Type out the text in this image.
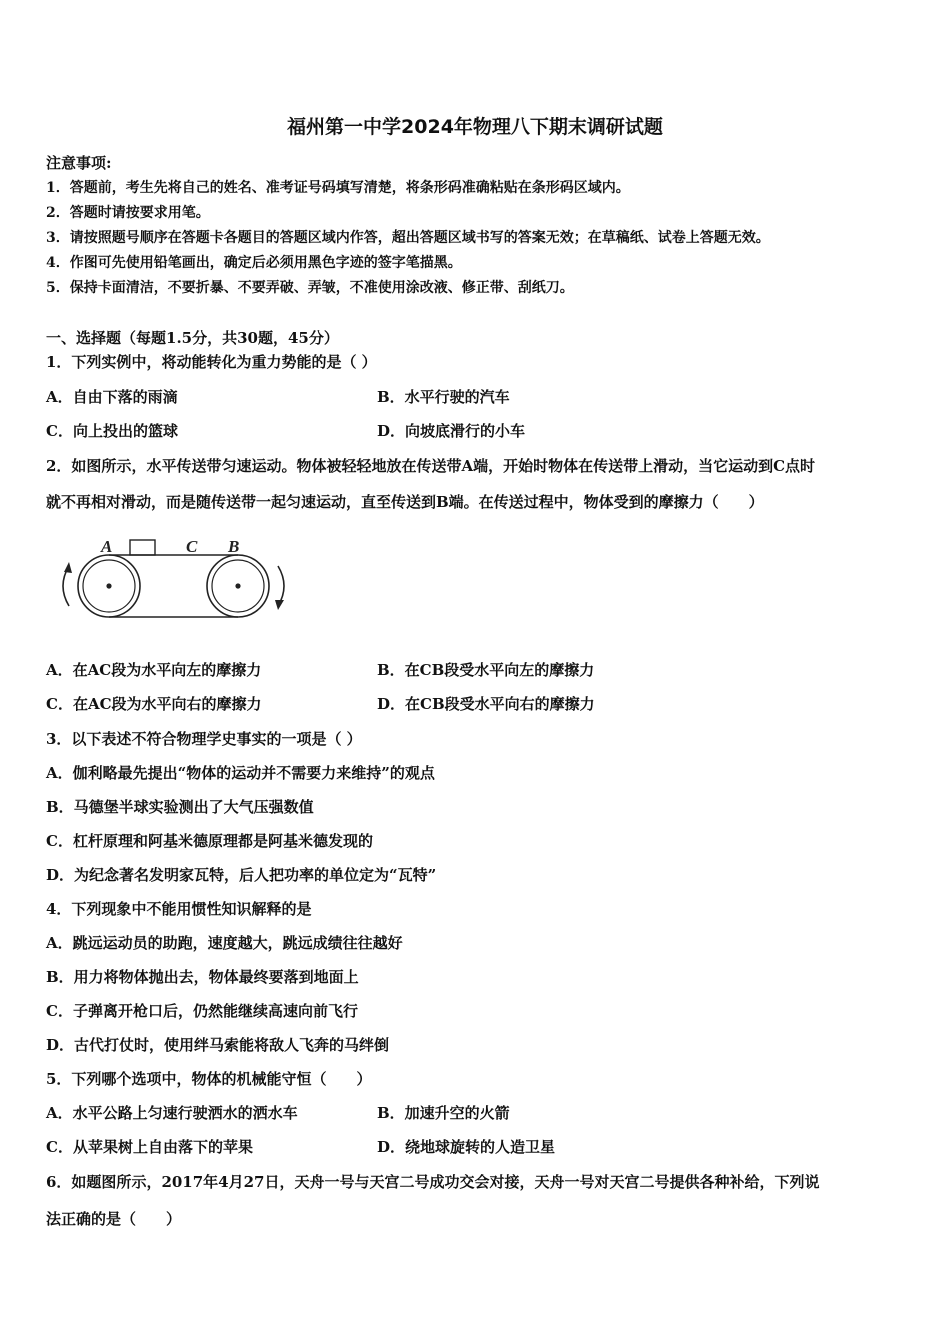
福州第一中学2024年物理八下期末调研试题
注意事项:
1．答题前，考生先将自己的姓名、准考证号码填写清楚，将条形码准确粘贴在条形码区域内。
2．答题时请按要求用笔。
3．请按照题号顺序在答题卡各题目的答题区域内作答，超出答题区域书写的答案无效；在草稿纸、试卷上答题无效。
4．作图可先使用铅笔画出，确定后必须用黑色字迹的签字笔描黑。
5．保持卡面清洁，不要折暴、不要弄破、弄皱，不准使用涂改液、修正带、刮纸刀。
一、选择题（每题1.5分，共30题，45分）
1．下列实例中，将动能转化为重力势能的是（ ）
A．自由下落的雨滴	B．水平行驶的汽车
C．向上投出的篮球	D．向坡底滑行的小车
2．如图所示，水平传送带匀速运动。物体被轻轻地放在传送带A端，开始时物体在传送带上滑动，当它运动到C点时
就不再相对滑动，而是随传送带一起匀速运动，直至传送到B端。在传送过程中，物体受到的摩擦力（　　）
A	C B
A．在AC段为水平向左的摩擦力	B．在CB段受水平向左的摩擦力
C．在AC段为水平向右的摩擦力	D．在CB段受水平向右的摩擦力
3．以下表述不符合物理学史事实的一项是（ ）
A．伽利略最先提出“物体的运动并不需要力来维持”的观点
B．马德堡半球实验测出了大气压强数值
C．杠杆原理和阿基米德原理都是阿基米德发现的
D．为纪念著名发明家瓦特，后人把功率的单位定为“瓦特”
4．下列现象中不能用惯性知识解释的是
A．跳远运动员的助跑，速度越大，跳远成绩往往越好
B．用力将物体抛出去，物体最终要落到地面上
C．子弹离开枪口后，仍然能继续高速向前飞行
D．古代打仗时，使用绊马索能将敌人飞奔的马绊倒
5．下列哪个选项中，物体的机械能守恒（　　）
A．水平公路上匀速行驶洒水的洒水车	B．加速升空的火箭
C．从苹果树上自由落下的苹果	D．绕地球旋转的人造卫星
6．如题图所示，2017年4月27日，天舟一号与天宫二号成功交会对接，天舟一号对天宫二号提供各种补给，下列说
法正确的是（　　）
